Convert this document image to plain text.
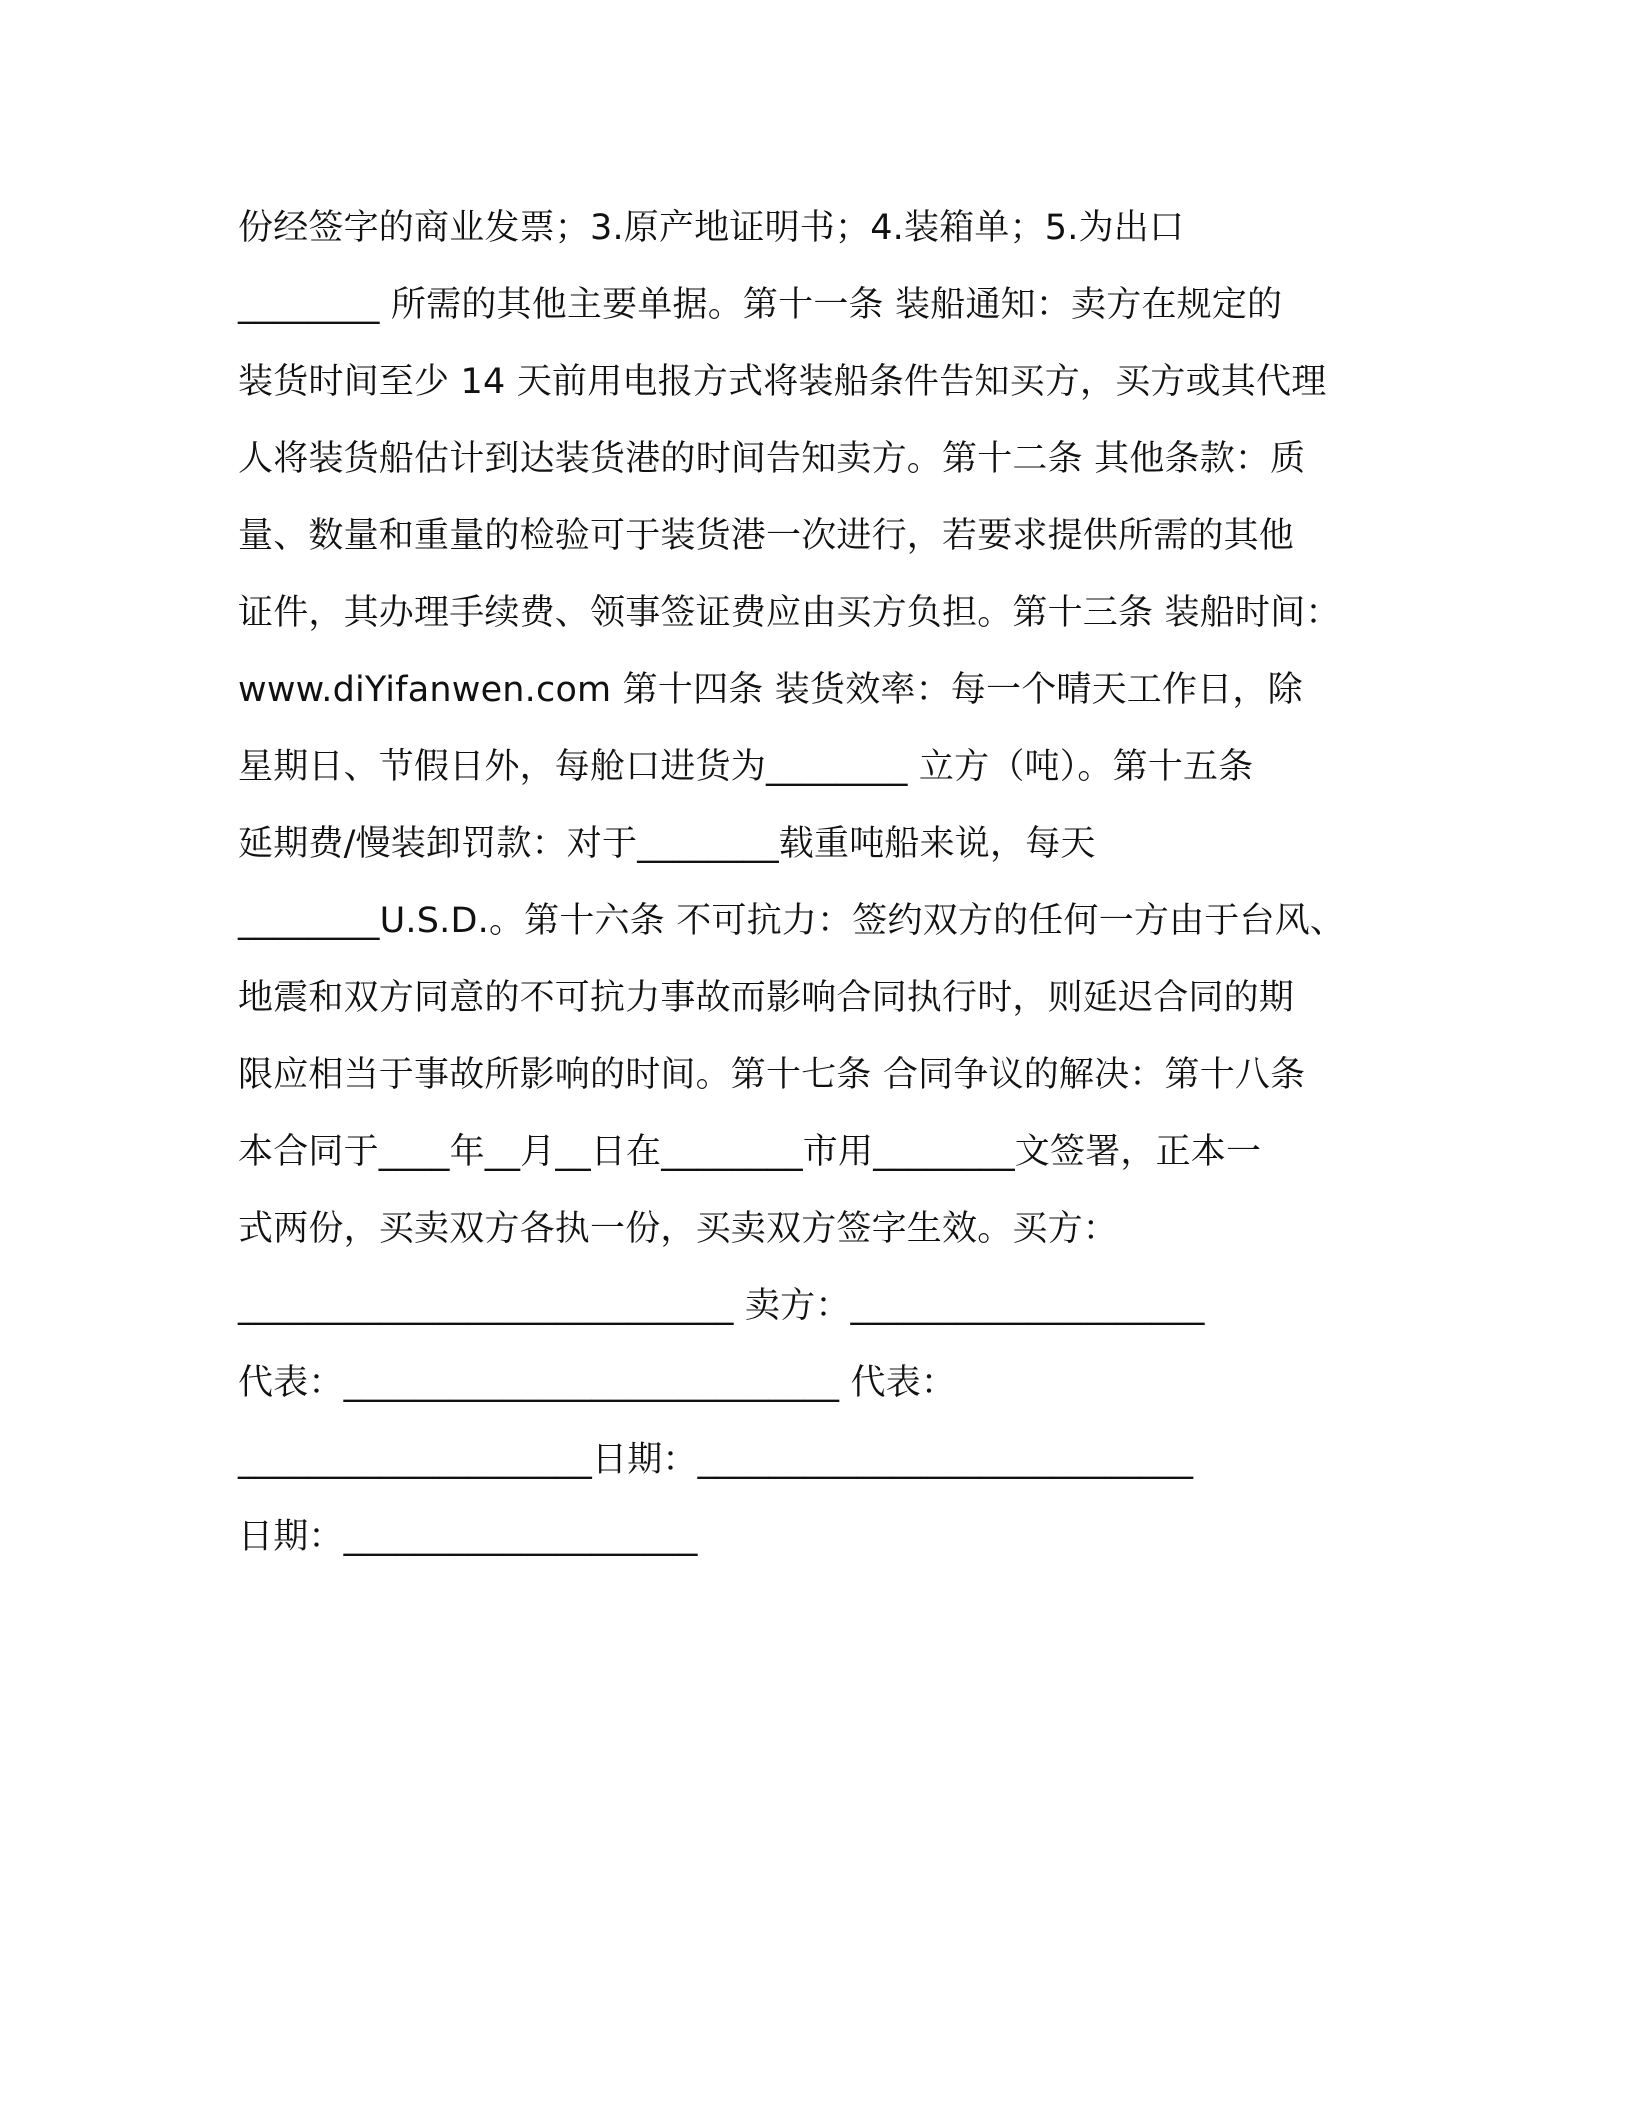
份经签字的商业发票；3.原产地证明书；4.装箱单；5.为出口
________ 所需的其他主要单据。第十一条 装船通知：卖方在规定的
装货时间至少 14 天前用电报方式将装船条件告知买方，买方或其代理
人将装货船估计到达装货港的时间告知卖方。第十二条 其他条款：质
量、数量和重量的检验可于装货港一次进行，若要求提供所需的其他
证件，其办理手续费、领事签证费应由买方负担。第十三条 装船时间：
www.diYifanwen.com 第十四条 装货效率：每一个晴天工作日，除
星期日、节假日外，每舱口进货为________ 立方（吨）。第十五条
延期费/慢装卸罚款：对于________载重吨船来说，每天
________U.S.D.。第十六条 不可抗力：签约双方的任何一方由于台风、
地震和双方同意的不可抗力事故而影响合同执行时，则延迟合同的期
限应相当于事故所影响的时间。第十七条 合同争议的解决：第十八条
本合同于____年__月__日在________市用________文签署，正本一
式两份，买卖双方各执一份，买卖双方签字生效。买方：
____________________________ 卖方：____________________
代表：____________________________ 代表：
____________________日期：____________________________
日期：____________________
